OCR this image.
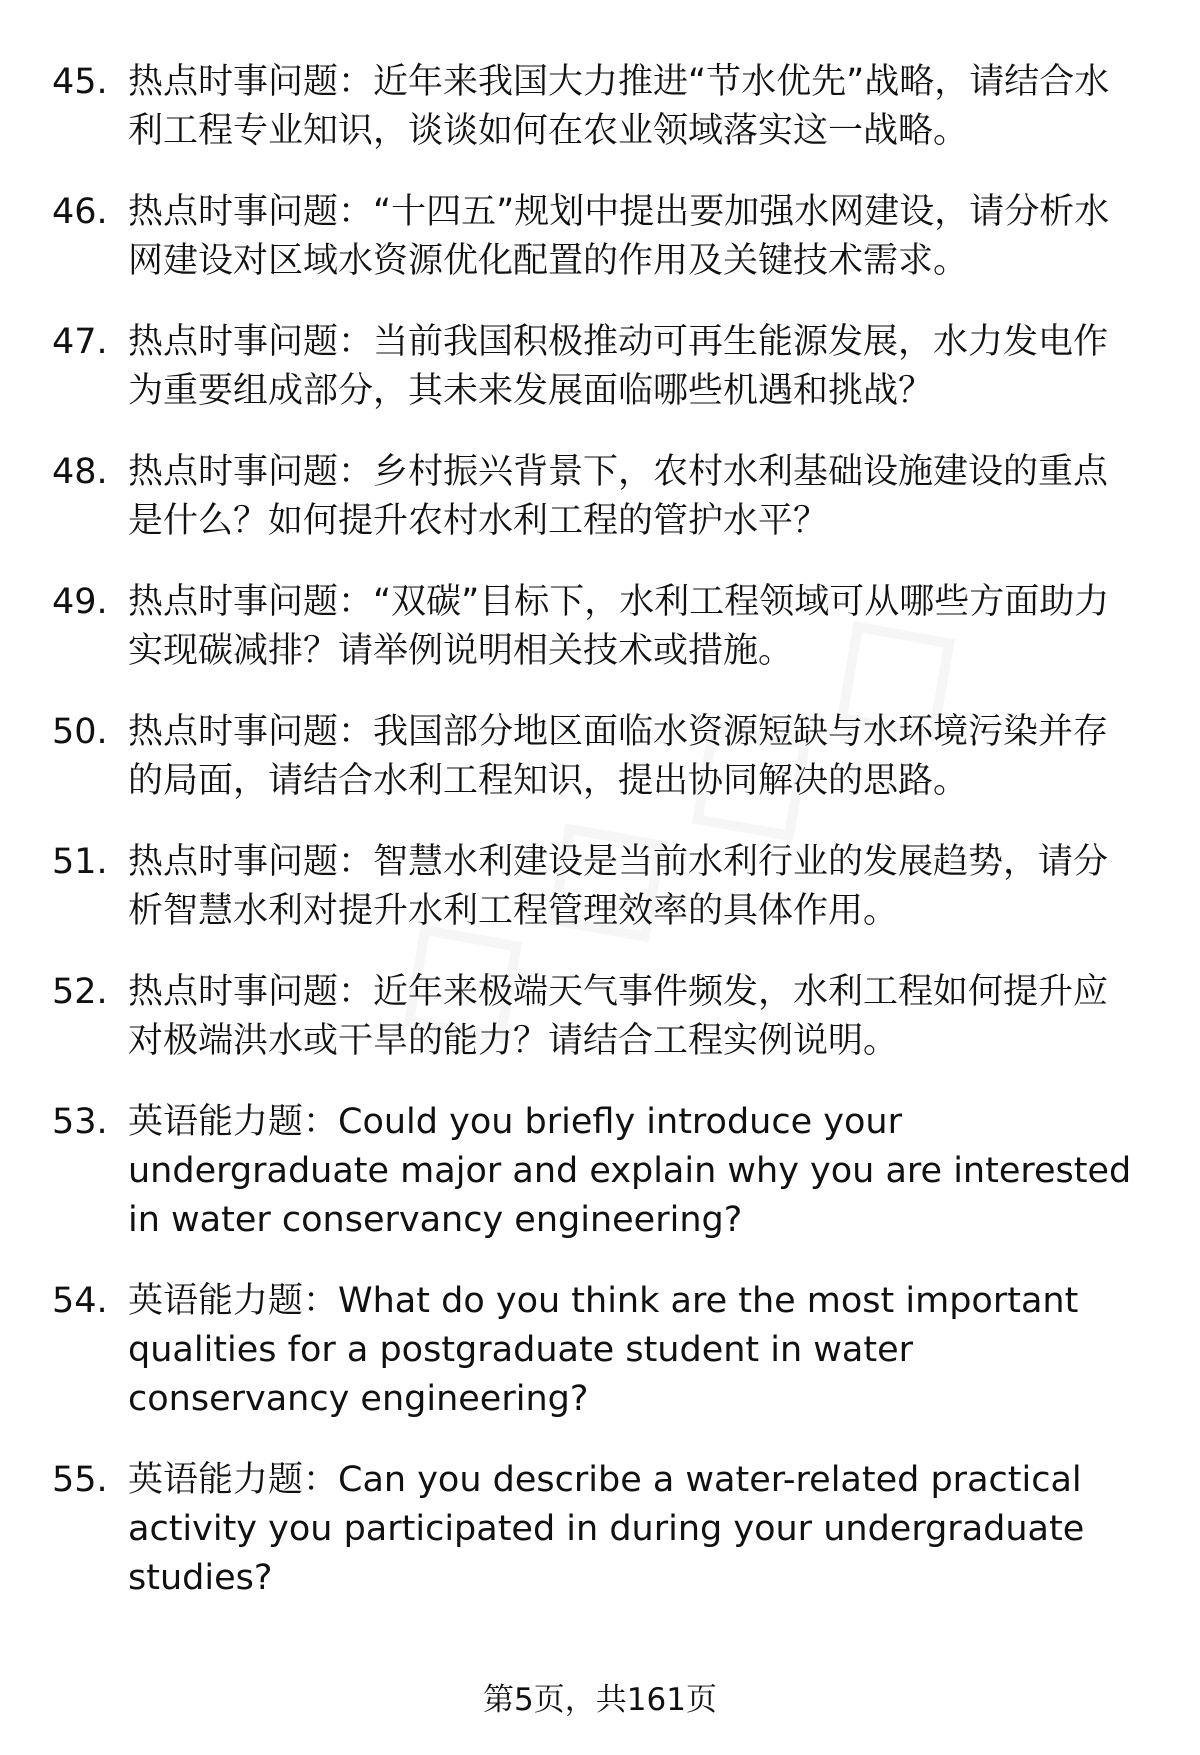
45. 热点时事问题：近年来我国大力推进“节水优先”战略，请结合水利工程专业知识，谈谈如何在农业领域落实这一战略。
46. 热点时事问题：“十四五”规划中提出要加强水网建设，请分析水网建设对区域水资源优化配置的作用及关键技术需求。
47. 热点时事问题：当前我国积极推动可再生能源发展，水力发电作为重要组成部分，其未来发展面临哪些机遇和挑战？
48. 热点时事问题：乡村振兴背景下，农村水利基础设施建设的重点是什么？如何提升农村水利工程的管护水平？
49. 热点时事问题：“双碳”目标下，水利工程领域可从哪些方面助力实现碳减排？请举例说明相关技术或措施。
50. 热点时事问题：我国部分地区面临水资源短缺与水环境污染并存的局面，请结合水利工程知识，提出协同解决的思路。
51. 热点时事问题：智慧水利建设是当前水利行业的发展趋势，请分析智慧水利对提升水利工程管理效率的具体作用。
52. 热点时事问题：近年来极端天气事件频发，水利工程如何提升应对极端洪水或干旱的能力？请结合工程实例说明。
53. 英语能力题：Could you briefly introduce your undergraduate major and explain why you are interested in water conservancy engineering?
54. 英语能力题：What do you think are the most important qualities for a postgraduate student in water conservancy engineering?
55. 英语能力题：Can you describe a water-related practical activity you participated in during your undergraduate studies?
第5页，共161页
